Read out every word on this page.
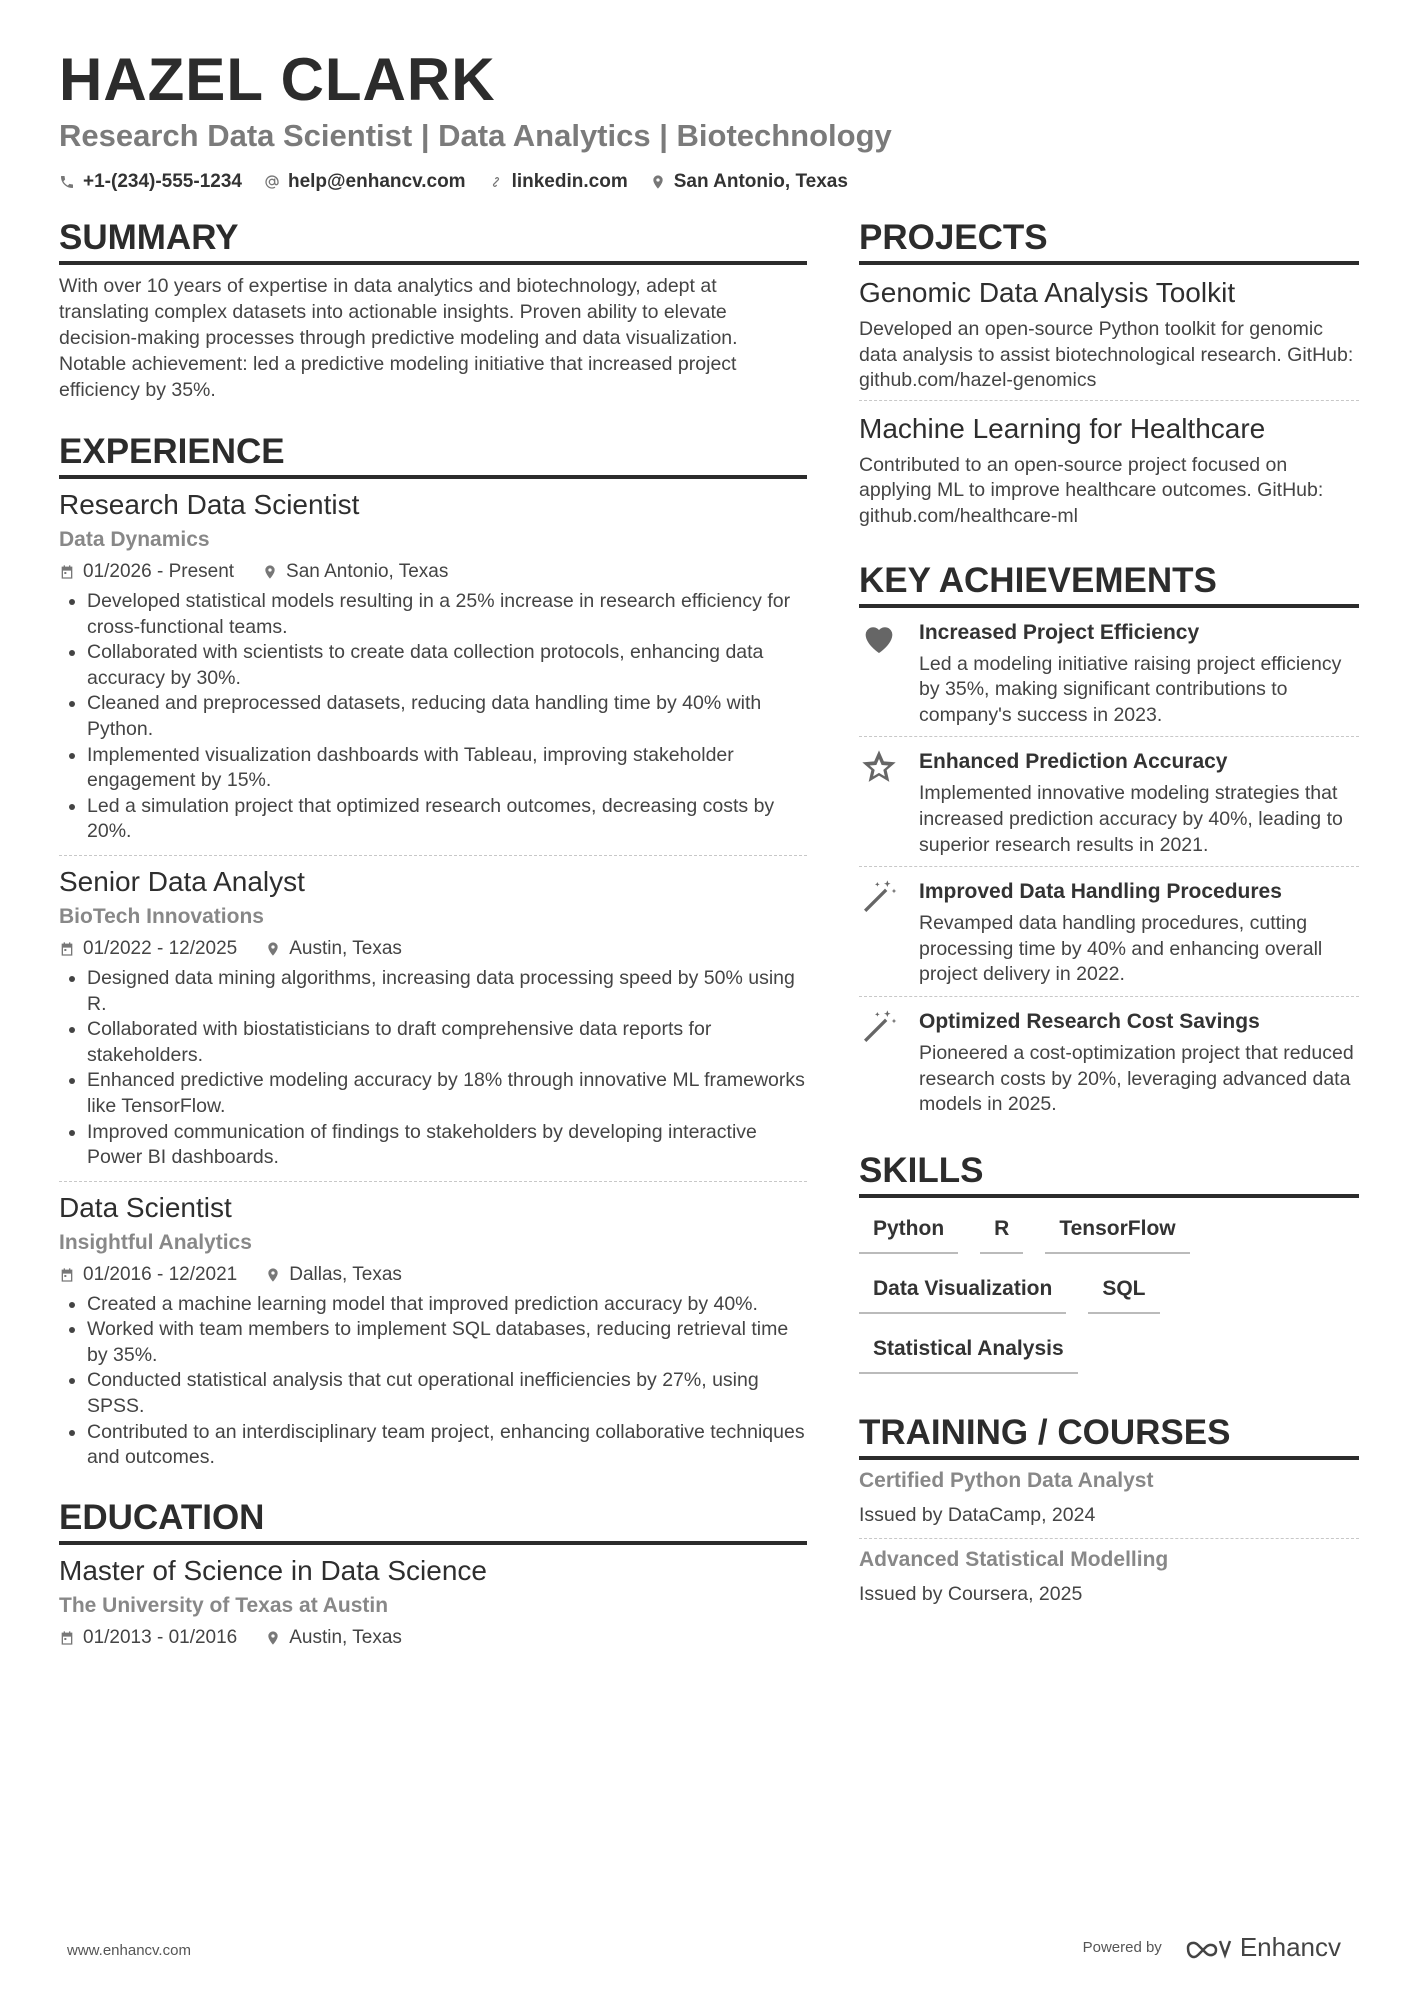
HAZEL CLARK
Research Data Scientist | Data Analytics | Biotechnology
+1-(234)-555-1234 help@enhancv.com linkedin.com San Antonio, Texas
SUMMARY

With over 10 years of expertise in data analytics and biotechnology, adept at translating complex datasets into actionable insights. Proven ability to elevate decision-making processes through predictive modeling and data visualization. Notable achievement: led a predictive modeling initiative that increased project efficiency by 35%.

EXPERIENCE
Research Data Scientist
Data Dynamics
01/2026 - Present	San Antonio, Texas
• Developed statistical models resulting in a 25% increase in research efficiency for cross-functional teams.
• Collaborated with scientists to create data collection protocols, enhancing data accuracy by 30%.
• Cleaned and preprocessed datasets, reducing data handling time by 40% with Python.
• Implemented visualization dashboards with Tableau, improving stakeholder engagement by 15%.
• Led a simulation project that optimized research outcomes, decreasing costs by 20%.
Senior Data Analyst
BioTech Innovations
01/2022 - 12/2025	Austin, Texas
• Designed data mining algorithms, increasing data processing speed by 50% using R.
• Collaborated with biostatisticians to draft comprehensive data reports for stakeholders.
• Enhanced predictive modeling accuracy by 18% through innovative ML frameworks like TensorFlow.
• Improved communication of findings to stakeholders by developing interactive Power BI dashboards.
Data Scientist
Insightful Analytics
01/2016 - 12/2021	Dallas, Texas
• Created a machine learning model that improved prediction accuracy by 40%.
• Worked with team members to implement SQL databases, reducing retrieval time by 35%.
• Conducted statistical analysis that cut operational inefficiencies by 27%, using SPSS.
• Contributed to an interdisciplinary team project, enhancing collaborative techniques and outcomes.
EDUCATION
Master of Science in Data Science
The University of Texas at Austin
01/2013 - 01/2016	Austin, Texas
PROJECTS
Genomic Data Analysis Toolkit
Developed an open-source Python toolkit for genomic data analysis to assist biotechnological research. GitHub: github.com/hazel-genomics
Machine Learning for Healthcare
Contributed to an open-source project focused on applying ML to improve healthcare outcomes. GitHub: github.com/healthcare-ml
KEY ACHIEVEMENTS
Increased Project Efficiency
Led a modeling initiative raising project efficiency by 35%, making significant contributions to company's success in 2023.
Enhanced Prediction Accuracy
Implemented innovative modeling strategies that increased prediction accuracy by 40%, leading to superior research results in 2021.
Improved Data Handling Procedures
Revamped data handling procedures, cutting processing time by 40% and enhancing overall project delivery in 2022.
Optimized Research Cost Savings
Pioneered a cost-optimization project that reduced research costs by 20%, leveraging advanced data models in 2025.
SKILLS
Python	R	TensorFlow
Data Visualization	SQL
Statistical Analysis
TRAINING / COURSES
Certified Python Data Analyst
Issued by DataCamp, 2024
Advanced Statistical Modelling
Issued by Coursera, 2025
www.enhancv.com	Powered by	Enhancv
